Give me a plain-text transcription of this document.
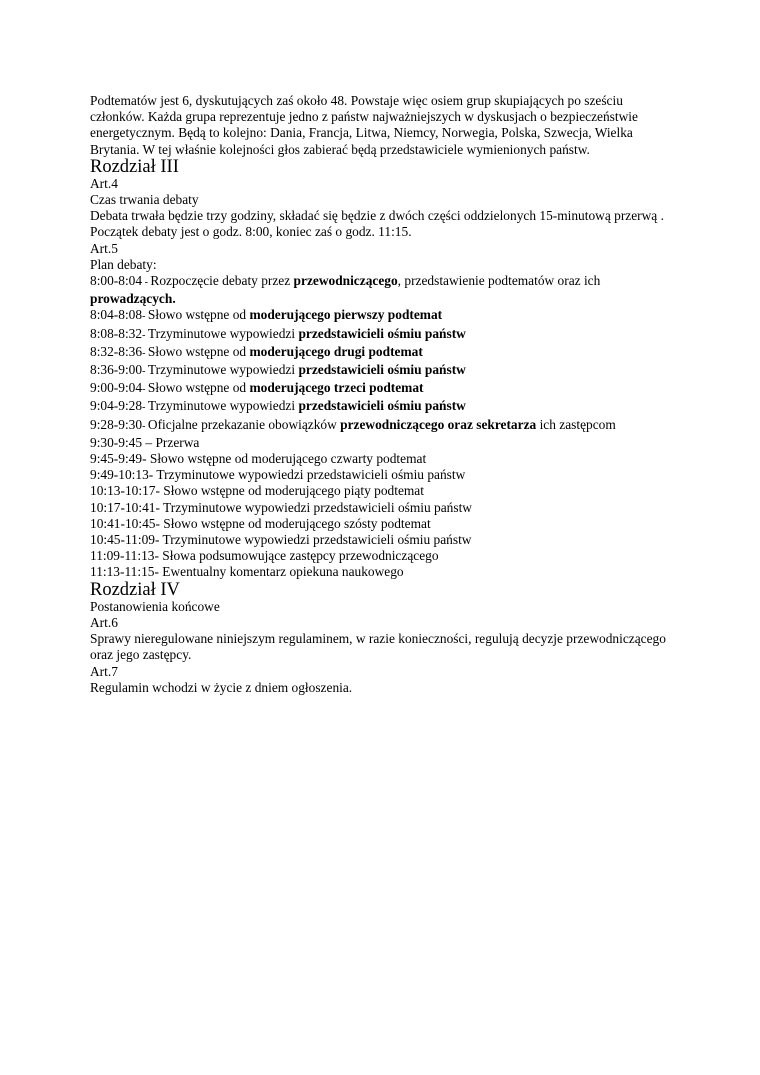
Podtematów jest 6, dyskutujących zaś około 48. Powstaje więc osiem grup skupiających po sześciu członków. Każda grupa reprezentuje jedno z państw najważniejszych w dyskusjach o bezpieczeństwie energetycznym. Będą to kolejno: Dania, Francja, Litwa, Niemcy, Norwegia, Polska, Szwecja, Wielka Brytania. W tej właśnie kolejności głos zabierać będą przedstawiciele wymienionych państw.

Rozdział III

Art.4

Czas trwania debaty

Debata trwała będzie trzy godziny, składać się będzie z dwóch części oddzielonych 15-minutową przerwą . Początek debaty jest o godz. 8:00, koniec zaś o godz. 11:15.

Art.5

Plan debaty:

8:00-8:04 - Rozpoczęcie debaty przez przewodniczącego, przedstawienie podtematów oraz ich prowadzących.

8:04-8:08- Słowo wstępne od moderującego pierwszy podtemat

8:08-8:32- Trzyminutowe wypowiedzi przedstawicieli ośmiu państw

8:32-8:36- Słowo wstępne od moderującego drugi podtemat

8:36-9:00- Trzyminutowe wypowiedzi przedstawicieli ośmiu państw

9:00-9:04- Słowo wstępne od moderującego trzeci podtemat

9:04-9:28- Trzyminutowe wypowiedzi przedstawicieli ośmiu państw

9:28-9:30- Oficjalne przekazanie obowiązków przewodniczącego oraz sekretarza ich zastępcom

9:30-9:45 – Przerwa

9:45-9:49- Słowo wstępne od moderującego czwarty podtemat

9:49-10:13- Trzyminutowe wypowiedzi przedstawicieli ośmiu państw

10:13-10:17- Słowo wstępne od moderującego piąty podtemat

10:17-10:41- Trzyminutowe wypowiedzi przedstawicieli ośmiu państw

10:41-10:45- Słowo wstępne od moderującego szósty podtemat

10:45-11:09- Trzyminutowe wypowiedzi przedstawicieli ośmiu państw

11:09-11:13- Słowa podsumowujące zastępcy przewodniczącego

11:13-11:15- Ewentualny komentarz opiekuna naukowego

Rozdział IV

Postanowienia końcowe

Art.6

Sprawy nieregulowane niniejszym regulaminem, w razie konieczności, regulują decyzje przewodniczącego oraz jego zastępcy.

Art.7

Regulamin wchodzi w życie z dniem ogłoszenia.
